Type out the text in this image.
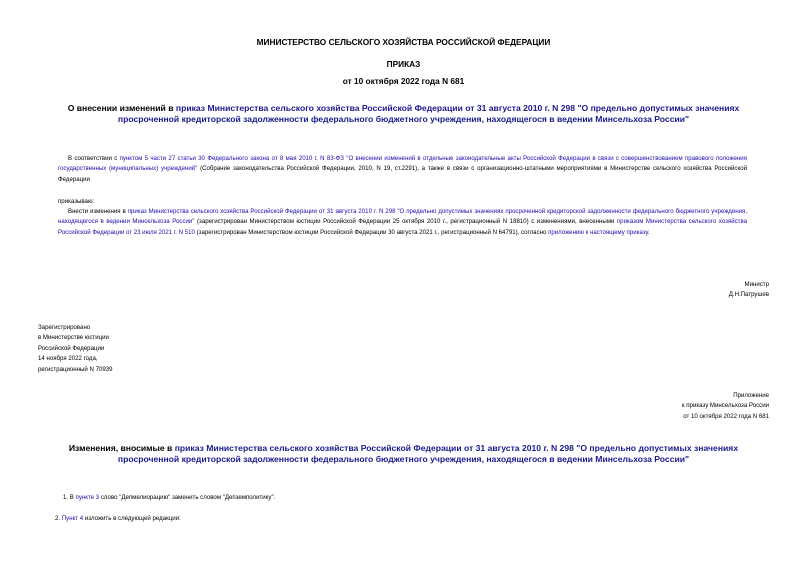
МИНИСТЕРСТВО СЕЛЬСКОГО ХОЗЯЙСТВА РОССИЙСКОЙ ФЕДЕРАЦИИ
ПРИКАЗ
от 10 октября 2022 года N 681
О внесении изменений в приказ Министерства сельского хозяйства Российской Федерации от 31 августа 2010 г. N 298 "О предельно допустимых значениях просроченной кредиторской задолженности федерального бюджетного учреждения, находящегося в ведении Минсельхоза России"
В соответствии с пунктом 5 части 27 статьи 30 Федерального закона от 8 мая 2010 г. N 83-ФЗ "О внесении изменений в отдельные законодательные акты Российской Федерации в связи с совершенствованием правового положения государственных (муниципальных) учреждений" (Собрание законодательства Российской Федерации, 2010, N 19, ст.2291), а также в связи с организационно-штатными мероприятиями в Министерстве сельского хозяйства Российской Федерации
приказываю:
Внести изменения в приказ Министерства сельского хозяйства Российской Федерации от 31 августа 2010 г. N 298 "О предельно допустимых значениях просроченной кредиторской задолженности федерального бюджетного учреждения, находящегося в ведении Минсельхоза России" (зарегистрирован Министерством юстиции Российской Федерации 25 октября 2010 г., регистрационный N 18810) с изменениями, внесенными приказом Министерства сельского хозяйства Российской Федерации от 23 июля 2021 г. N 510 (зарегистрирован Министерством юстиции Российской Федерации 30 августа 2021 г., регистрационный N 64791), согласно приложению к настоящему приказу.
Министр
Д.Н.Патрушев
Зарегистрировано
в Министерстве юстиции
Российской Федерации
14 ноября 2022 года,
регистрационный N 70939
Приложение
к приказу Минсельхоза России
от 10 октября 2022 года N 681
Изменения, вносимые в приказ Министерства сельского хозяйства Российской Федерации от 31 августа 2010 г. N 298 "О предельно допустимых значениях просроченной кредиторской задолженности федерального бюджетного учреждения, находящегося в ведении Минсельхоза России"
1. В пункте 3 слово "Депмелиорацию" заменить словом "Депземполитику".
2. Пункт 4 изложить в следующей редакции:
